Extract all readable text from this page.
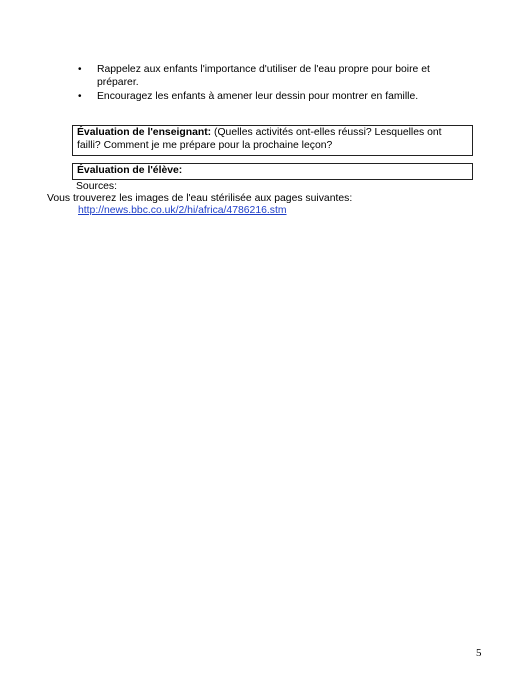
• Rappelez aux enfants l'importance d'utiliser de l'eau propre pour boire et préparer.
• Encouragez les enfants à amener leur dessin pour montrer en famille.
Évaluation de l'enseignant: (Quelles activités ont-elles réussi? Lesquelles ont failli? Comment je me prépare pour la prochaine leçon?
Évaluation de l'élève:
Sources:
Vous trouverez les images de l'eau stérilisée aux pages suivantes:
http://news.bbc.co.uk/2/hi/africa/4786216.stm
5
